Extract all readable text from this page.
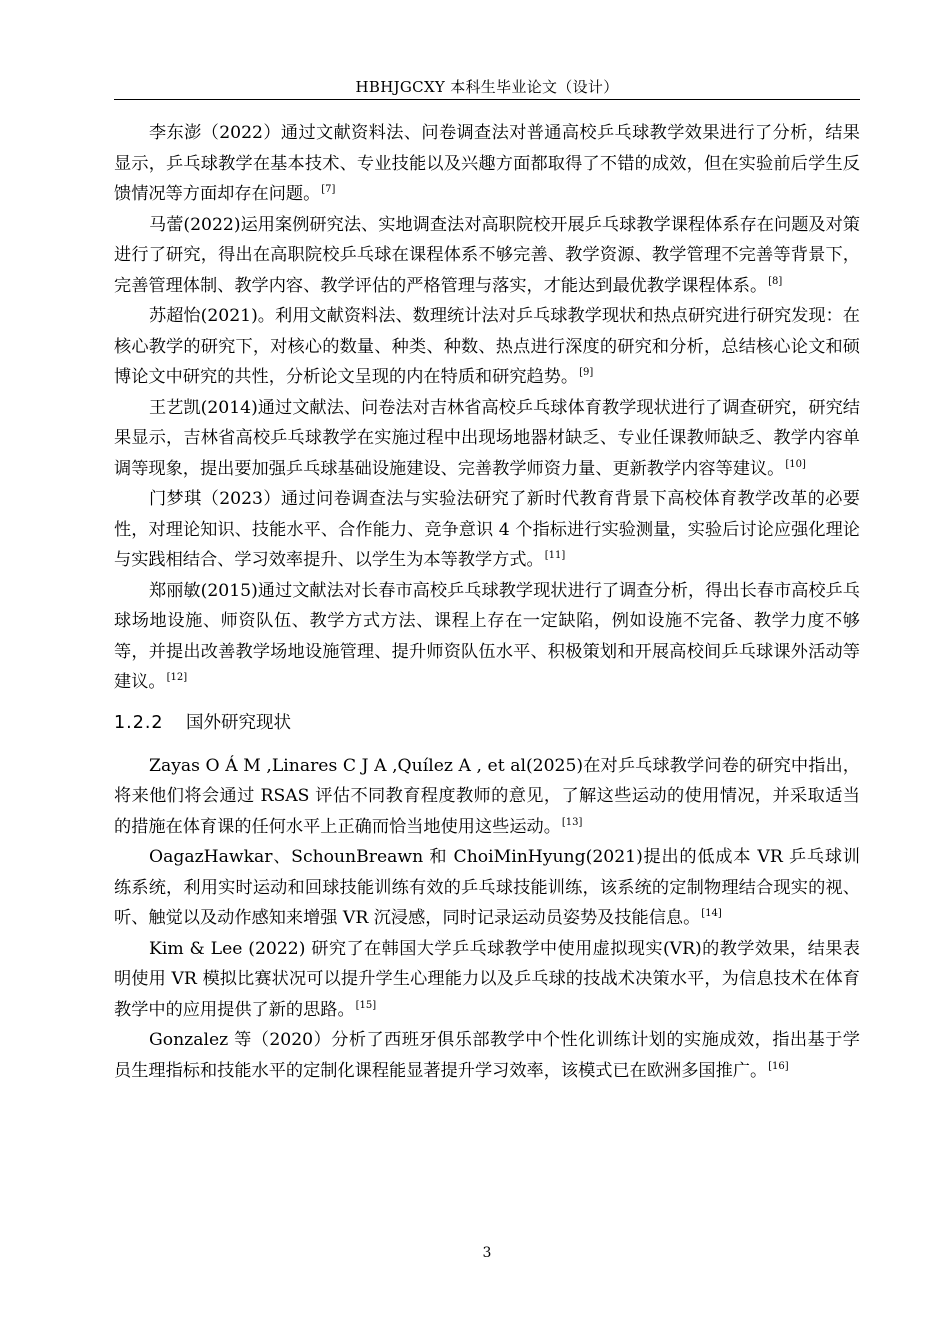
HBHJGCXY 本科生毕业论文（设计）

李东澎（2022）通过文献资料法、问卷调查法对普通高校乒乓球教学效果进行了分析，结果显示，乒乓球教学在基本技术、专业技能以及兴趣方面都取得了不错的成效，但在实验前后学生反馈情况等方面却存在问题。[7]

马蕾(2022)运用案例研究法、实地调查法对高职院校开展乒乓球教学课程体系存在问题及对策进行了研究，得出在高职院校乒乓球在课程体系不够完善、教学资源、教学管理不完善等背景下，完善管理体制、教学内容、教学评估的严格管理与落实，才能达到最优教学课程体系。[8]

苏超怡(2021)。利用文献资料法、数理统计法对乒乓球教学现状和热点研究进行研究发现：在核心教学的研究下，对核心的数量、种类、种数、热点进行深度的研究和分析，总结核心论文和硕博论文中研究的共性，分析论文呈现的内在特质和研究趋势。[9]

王艺凯(2014)通过文献法、问卷法对吉林省高校乒乓球体育教学现状进行了调查研究，研究结果显示，吉林省高校乒乓球教学在实施过程中出现场地器材缺乏、专业任课教师缺乏、教学内容单调等现象，提出要加强乒乓球基础设施建设、完善教学师资力量、更新教学内容等建议。[10]

门梦琪（2023）通过问卷调查法与实验法研究了新时代教育背景下高校体育教学改革的必要性，对理论知识、技能水平、合作能力、竞争意识 4 个指标进行实验测量，实验后讨论应强化理论与实践相结合、学习效率提升、以学生为本等教学方式。[11]

郑丽敏(2015)通过文献法对长春市高校乒乓球教学现状进行了调查分析，得出长春市高校乒乓球场地设施、师资队伍、教学方式方法、课程上存在一定缺陷，例如设施不完备、教学力度不够等，并提出改善教学场地设施管理、提升师资队伍水平、积极策划和开展高校间乒乓球课外活动等建议。[12]

1.2.2 国外研究现状

Zayas O Á M ,Linares C J A ,Quílez A , et al(2025)在对乒乓球教学问卷的研究中指出，将来他们将会通过 RSAS 评估不同教育程度教师的意见，了解这些运动的使用情况，并采取适当的措施在体育课的任何水平上正确而恰当地使用这些运动。[13]

OagazHawkar、SchounBreawn 和 ChoiMinHyung(2021)提出的低成本 VR 乒乓球训练系统，利用实时运动和回球技能训练有效的乒乓球技能训练，该系统的定制物理结合现实的视、听、触觉以及动作感知来增强 VR 沉浸感，同时记录运动员姿势及技能信息。[14]

Kim & Lee (2022) 研究了在韩国大学乒乓球教学中使用虚拟现实(VR)的教学效果，结果表明使用 VR 模拟比赛状况可以提升学生心理能力以及乒乓球的技战术决策水平，为信息技术在体育教学中的应用提供了新的思路。[15]

Gonzalez 等（2020）分析了西班牙俱乐部教学中个性化训练计划的实施成效，指出基于学员生理指标和技能水平的定制化课程能显著提升学习效率，该模式已在欧洲多国推广。[16]

3
